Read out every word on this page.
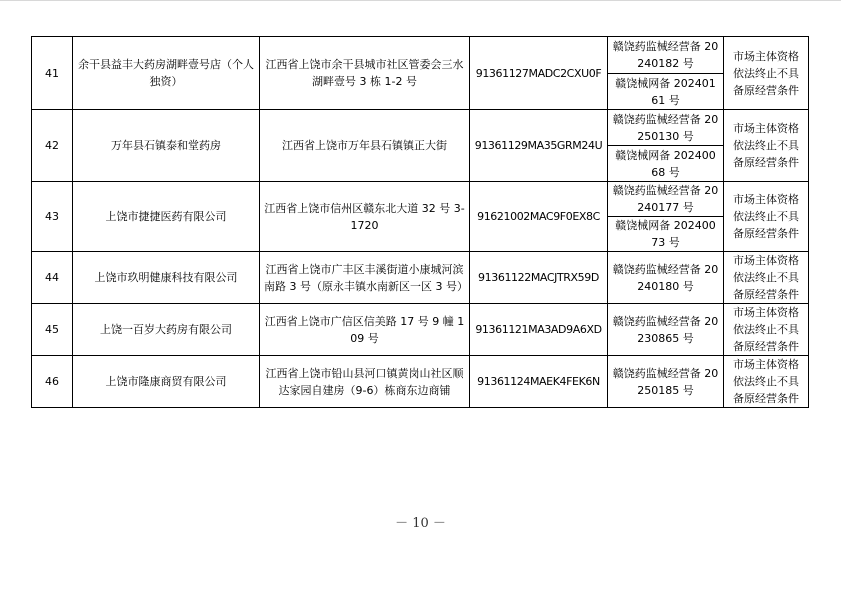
41	余干县益丰大药房湖畔壹号店（个人独资）	江西省上饶市余干县城市社区管委会三水湖畔壹号 3 栋 1-2 号	91361127MADC2CXU0F	赣饶药监械经营备 20240182 号	市场主体资格依法终止不具备原经营条件
				赣饶械网备 20240161 号	
42	万年县石镇泰和堂药房	江西省上饶市万年县石镇镇正大街	91361129MA35GRM24U	赣饶药监械经营备 20250130 号	市场主体资格依法终止不具备原经营条件
				赣饶械网备 20240068 号	
43	上饶市捷捷医药有限公司	江西省上饶市信州区赣东北大道 32 号 3-1720	91621002MAC9F0EX8C	赣饶药监械经营备 20240177 号	市场主体资格依法终止不具备原经营条件
				赣饶械网备 20240073 号	
44	上饶市玖明健康科技有限公司	江西省上饶市广丰区丰溪街道小康城河滨南路 3 号（原永丰镇水南新区一区 3 号）	91361122MACJTRX59D	赣饶药监械经营备 20240180 号	市场主体资格依法终止不具备原经营条件
45	上饶一百岁大药房有限公司	江西省上饶市广信区信美路 17 号 9 幢 109 号	91361121MA3AD9A6XD	赣饶药监械经营备 20230865 号	市场主体资格依法终止不具备原经营条件
46	上饶市隆康商贸有限公司	江西省上饶市铅山县河口镇黄岗山社区顺达家园自建房（9-6）栋商东边商铺	91361124MAEK4FEK6N	赣饶药监械经营备 20250185 号	市场主体资格依法终止不具备原经营条件
－ 10 －
